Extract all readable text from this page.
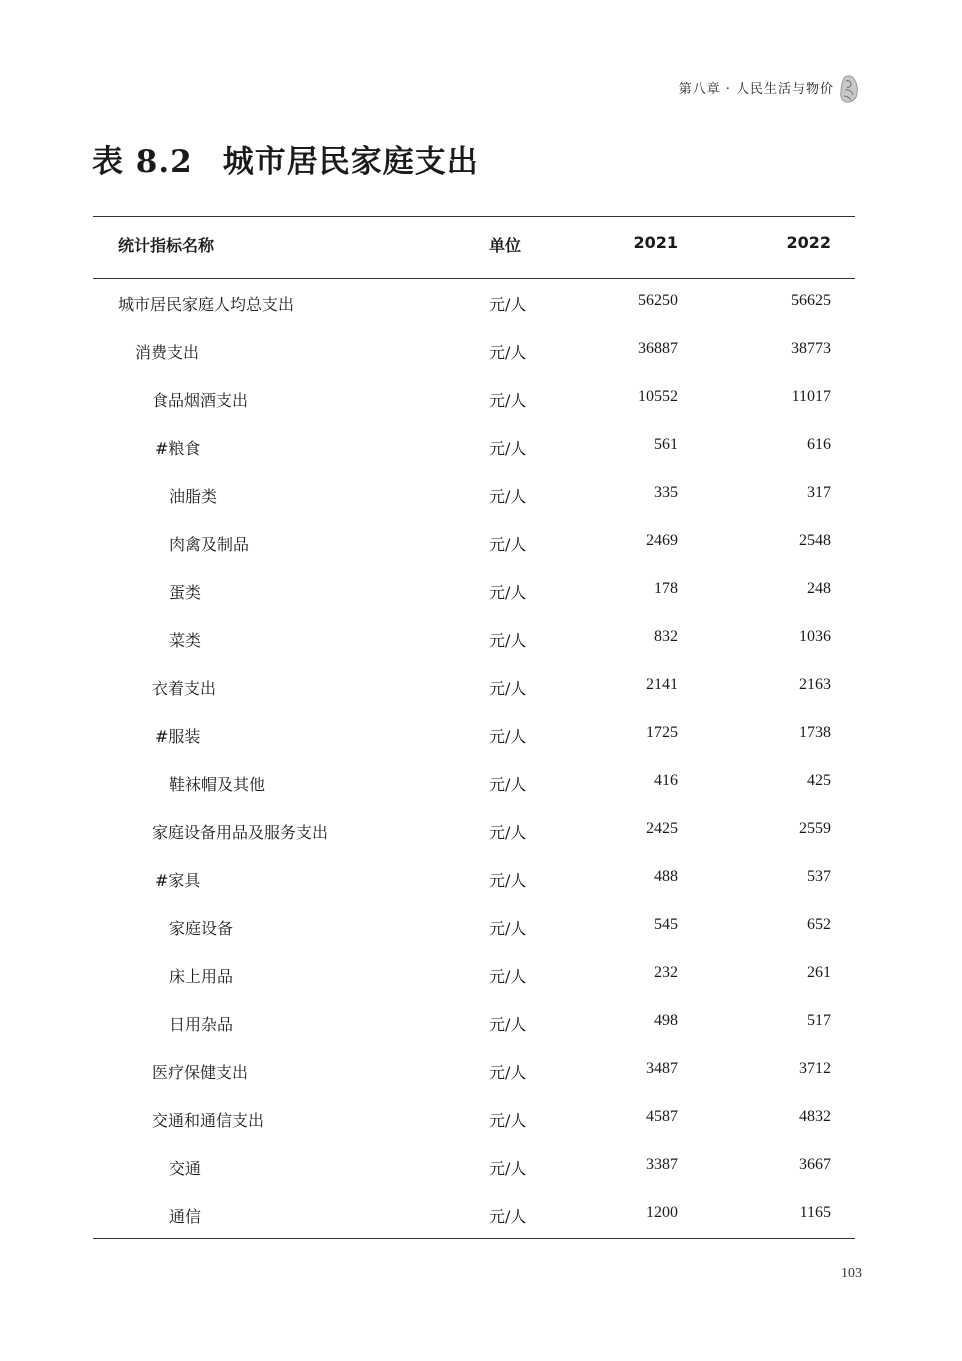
第八章 · 人民生活与物价
表 8.2 城市居民家庭支出
统计指标名称	单位	2021	2022
城市居民家庭人均总支出	元/人	56250	56625
消费支出	元/人	36887	38773
食品烟酒支出	元/人	10552	11017
#粮食	元/人	561	616
油脂类	元/人	335	317
肉禽及制品	元/人	2469	2548
蛋类	元/人	178	248
菜类	元/人	832	1036
衣着支出	元/人	2141	2163
#服装	元/人	1725	1738
鞋袜帽及其他	元/人	416	425
家庭设备用品及服务支出	元/人	2425	2559
#家具	元/人	488	537
家庭设备	元/人	545	652
床上用品	元/人	232	261
日用杂品	元/人	498	517
医疗保健支出	元/人	3487	3712
交通和通信支出	元/人	4587	4832
交通	元/人	3387	3667
通信	元/人	1200	1165
103
